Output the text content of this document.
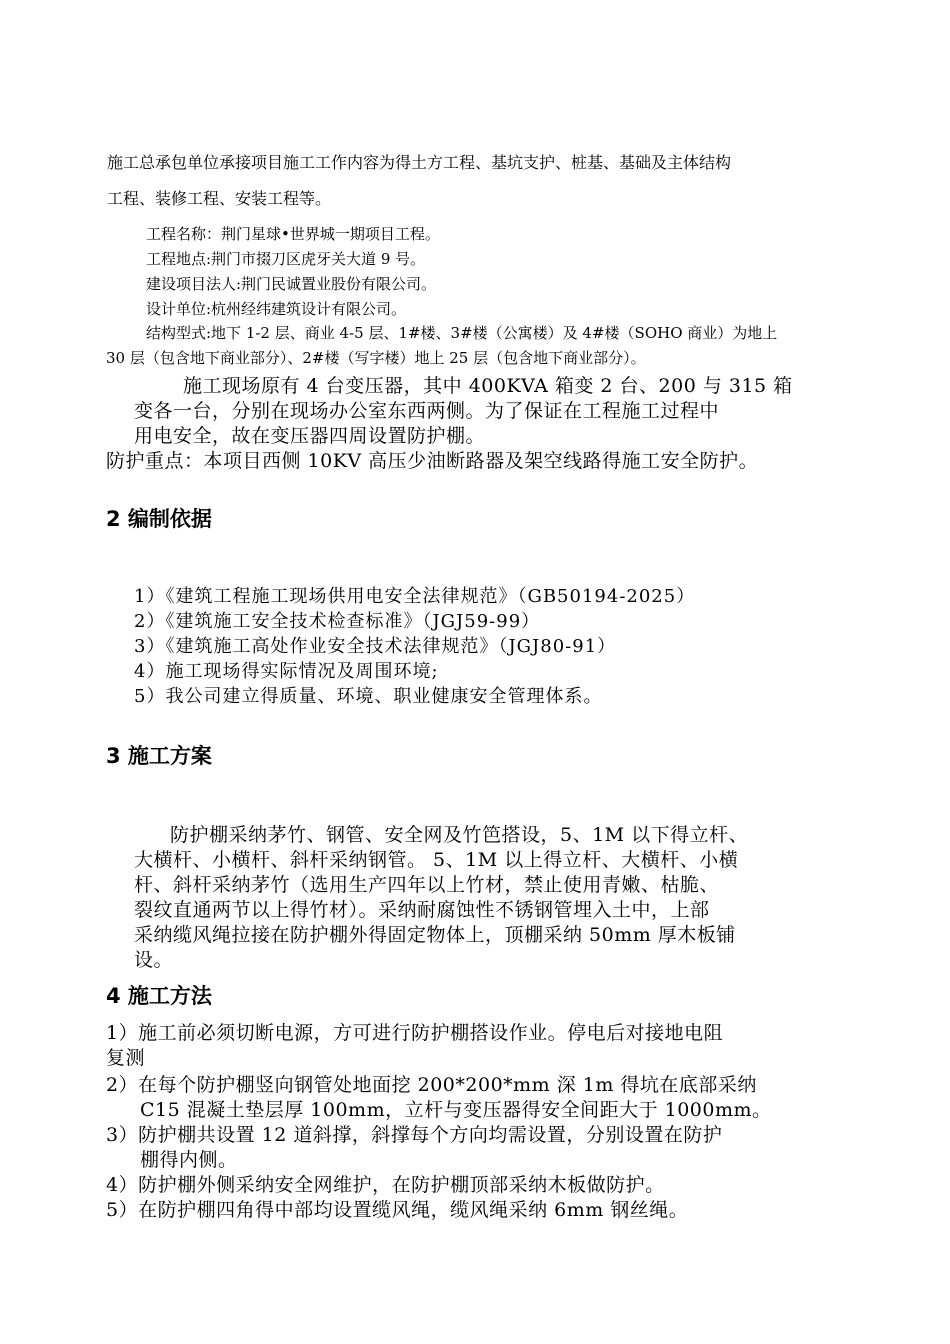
施工总承包单位承接项目施工工作内容为得土方工程、基坑支护、桩基、基础及主体结构
工程、装修工程、安装工程等。
工程名称：荆门星球•世界城一期项目工程。
工程地点:荆门市掇刀区虎牙关大道 9 号。
建设项目法人:荆门民诚置业股份有限公司。
设计单位:杭州经纬建筑设计有限公司。
结构型式:地下 1-2 层、商业 4-5 层、1#楼、3#楼（公寓楼）及 4#楼（SOHO 商业）为地上
30 层（包含地下商业部分）、2#楼（写字楼）地上 25 层（包含地下商业部分）。
施工现场原有 4 台变压器，其中 400KVA 箱变 2 台、200 与 315 箱
变各一台，分别在现场办公室东西两侧。为了保证在工程施工过程中
用电安全，故在变压器四周设置防护棚。
防护重点：本项目西侧 10KV 高压少油断路器及架空线路得施工安全防护。
2 编制依据
1）《建筑工程施工现场供用电安全法律规范》（GB50194-2025）
2）《建筑施工安全技术检查标准》（JGJ59-99）
3）《建筑施工高处作业安全技术法律规范》（JGJ80-91）
4）施工现场得实际情况及周围环境;
5）我公司建立得质量、环境、职业健康安全管理体系。
3 施工方案
防护棚采纳茅竹、钢管、安全网及竹笆搭设，5、1M 以下得立杆、
大横杆、小横杆、斜杆采纳钢管。 5、1M 以上得立杆、大横杆、小横
杆、斜杆采纳茅竹（选用生产四年以上竹材，禁止使用青嫩、枯脆、
裂纹直通两节以上得竹材）。采纳耐腐蚀性不锈钢管埋入土中，上部
采纳缆风绳拉接在防护棚外得固定物体上，顶棚采纳 50mm 厚木板铺
设。
4 施工方法
1）施工前必须切断电源，方可进行防护棚搭设作业。停电后对接地电阻
复测
2）在每个防护棚竖向钢管处地面挖 200*200*mm 深 1m 得坑在底部采纳
C15 混凝土垫层厚 100mm，立杆与变压器得安全间距大于 1000mm。
3）防护棚共设置 12 道斜撑，斜撑每个方向均需设置，分别设置在防护
棚得内侧。
4）防护棚外侧采纳安全网维护，在防护棚顶部采纳木板做防护。
5）在防护棚四角得中部均设置缆风绳，缆风绳采纳 6mm 钢丝绳。
